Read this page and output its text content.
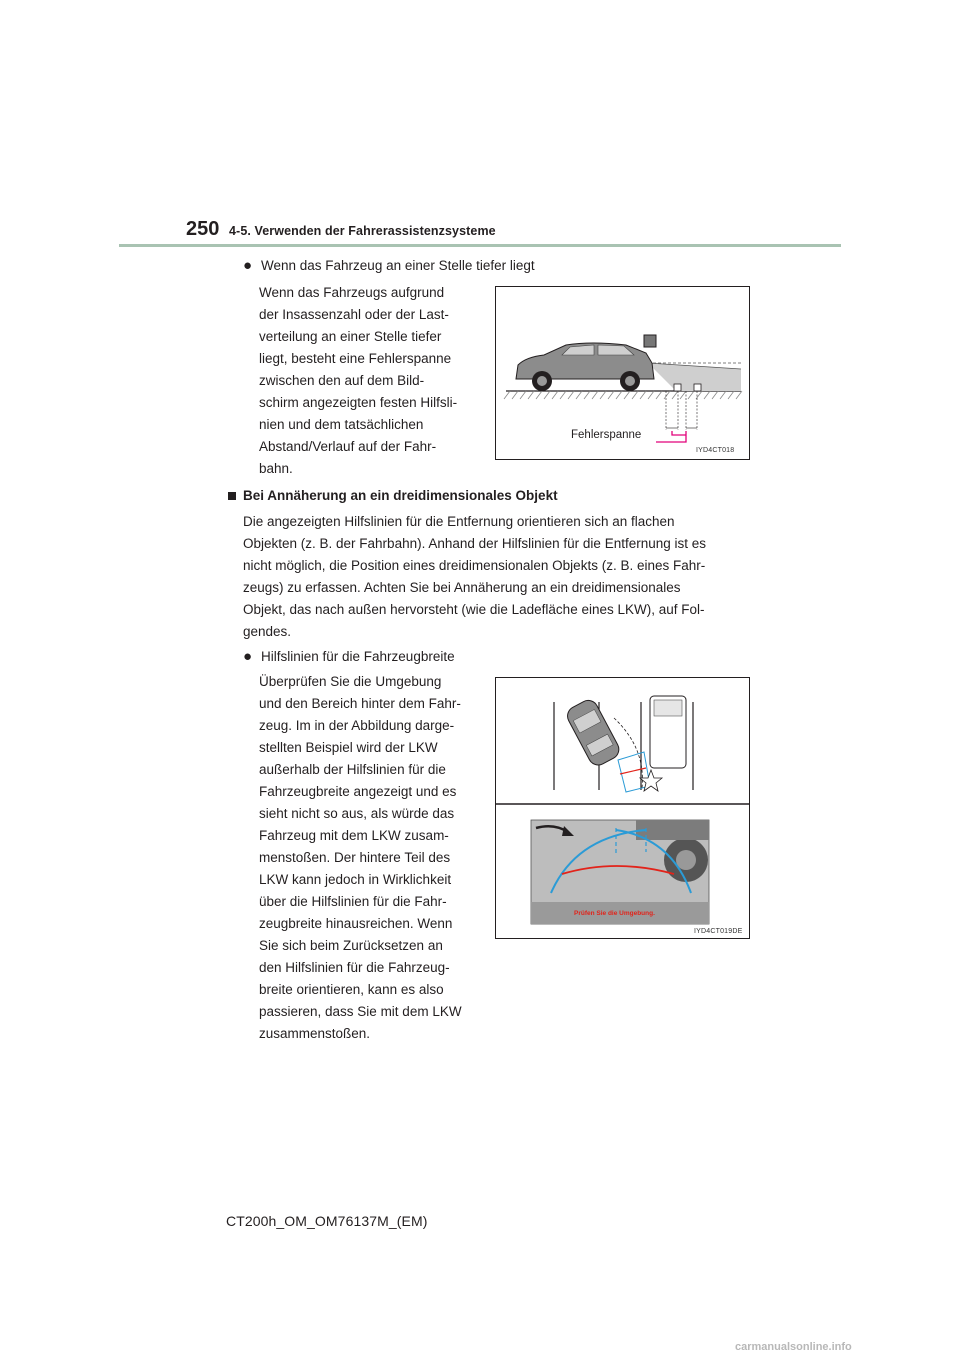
250 4-5. Verwenden der Fahrerassistenzsysteme
● Wenn das Fahrzeug an einer Stelle tiefer liegt
Wenn das Fahrzeugs aufgrund
der Insassenzahl oder der Last-
verteilung an einer Stelle tiefer
liegt, besteht eine Fehlerspanne
zwischen den auf dem Bild-
schirm angezeigten festen Hilfsli-
nien und dem tatsächlichen
Abstand/Verlauf auf der Fahr-
bahn.
Fehlerspanne
IYD4CT018
Bei Annäherung an ein dreidimensionales Objekt
Die angezeigten Hilfslinien für die Entfernung orientieren sich an flachen
Objekten (z. B. der Fahrbahn). Anhand der Hilfslinien für die Entfernung ist es
nicht möglich, die Position eines dreidimensionalen Objekts (z. B. eines Fahr-
zeugs) zu erfassen. Achten Sie bei Annäherung an ein dreidimensionales
Objekt, das nach außen hervorsteht (wie die Ladefläche eines LKW), auf Fol-
gendes.
● Hilfslinien für die Fahrzeugbreite
Überprüfen Sie die Umgebung
und den Bereich hinter dem Fahr-
zeug. Im in der Abbildung darge-
stellten Beispiel wird der LKW
außerhalb der Hilfslinien für die
Fahrzeugbreite angezeigt und es
sieht nicht so aus, als würde das
Fahrzeug mit dem LKW zusam-
menstoßen. Der hintere Teil des
LKW kann jedoch in Wirklichkeit
über die Hilfslinien für die Fahr-
zeugbreite hinausreichen. Wenn
Sie sich beim Zurücksetzen an
den Hilfslinien für die Fahrzeug-
breite orientieren, kann es also
passieren, dass Sie mit dem LKW
zusammenstoßen.
Prüfen Sie die Umgebung.
IYD4CT019DE
CT200h_OM_OM76137M_(EM)
carmanualsonline.info
